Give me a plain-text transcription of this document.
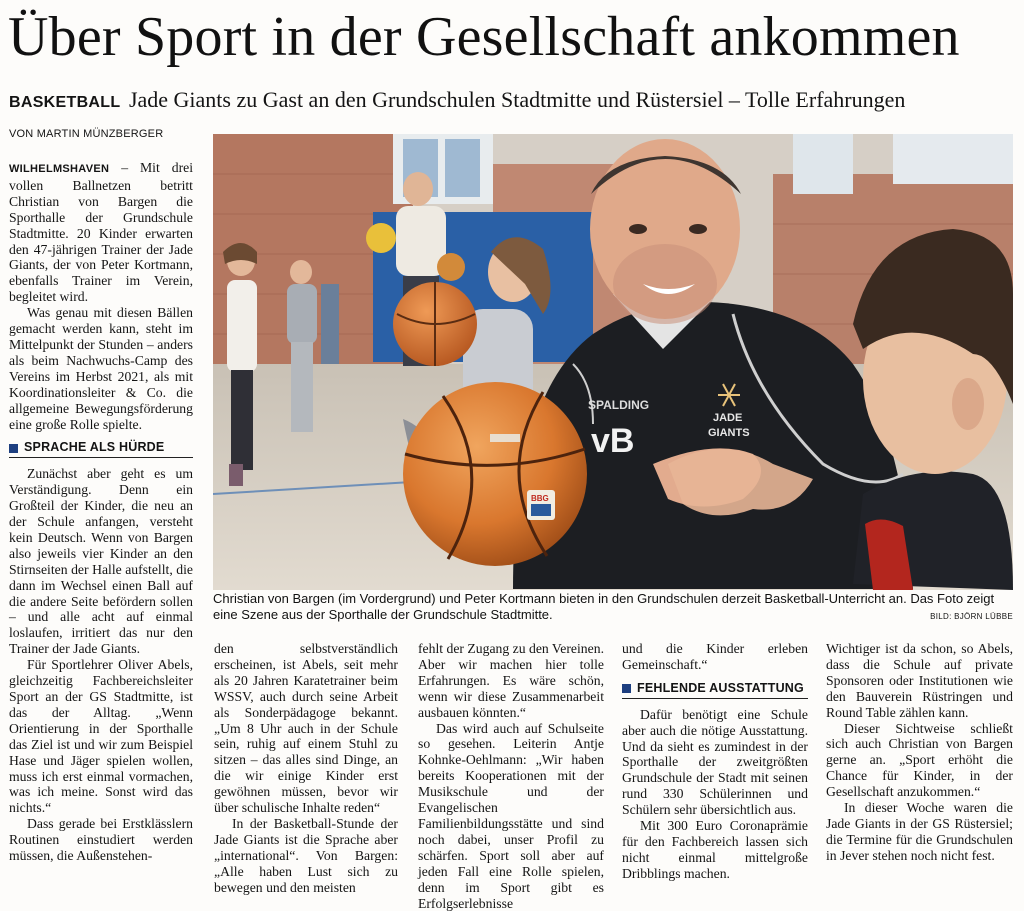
Über Sport in der Gesellschaft ankommen
BASKETBALL Jade Giants zu Gast an den Grundschulen Stadtmitte und Rüstersiel – Tolle Erfahrungen
VON MARTIN MÜNZBERGER

WILHELMSHAVEN – Mit drei vollen Ballnetzen betritt Christian von Bargen die Sporthalle der Grundschule Stadtmitte. 20 Kinder erwarten den 47-jährigen Trainer der Jade Giants, der von Peter Kortmann, ebenfalls Trainer im Verein, begleitet wird.

Was genau mit diesen Bällen gemacht werden kann, steht im Mittelpunkt der Stunden – anders als beim Nachwuchs-Camp des Vereins im Herbst 2021, als mit Koordinationsleiter & Co. die allgemeine Bewegungsförderung eine große Rolle spielte.

SPRACHE ALS HÜRDE

Zunächst aber geht es um Verständigung. Denn ein Großteil der Kinder, die neu an der Schule anfangen, versteht kein Deutsch. Wenn von Bargen also jeweils vier Kinder an den Stirnseiten der Halle aufstellt, die dann im Wechsel einen Ball auf die andere Seite befördern sollen – und alle acht auf einmal loslaufen, irritiert das nur den Trainer der Jade Giants.

Für Sportlehrer Oliver Abels, gleichzeitig Fachbereichsleiter Sport an der GS Stadtmitte, ist das der Alltag. „Wenn Orientierung in der Sporthalle das Ziel ist und wir zum Beispiel Hase und Jäger spielen wollen, muss ich erst einmal vormachen, was ich meine. Sonst wird das nichts.“

Dass gerade bei Erstklässlern Routinen einstudiert werden müssen, die Außenstehen-

SPALDING
vB
JADE
GIANTS
BBG
Christian von Bargen (im Vordergrund) und Peter Kortmann bieten in den Grundschulen derzeit Basketball-Unterricht an. Das Foto zeigt eine Szene aus der Sporthalle der Grundschule Stadtmitte.	BILD: BJÖRN LÜBBE

den selbstverständlich erscheinen, ist Abels, seit mehr als 20 Jahren Karatetrainer beim WSSV, auch durch seine Arbeit als Sonderpädagoge bekannt. „Um 8 Uhr auch in der Schule sein, ruhig auf einem Stuhl zu sitzen – das alles sind Dinge, an die wir einige Kinder erst gewöhnen müssen, bevor wir über schulische Inhalte reden“

In der Basketball-Stunde der Jade Giants ist die Sprache aber „international“. Von Bargen: „Alle haben Lust sich zu bewegen und den meisten

fehlt der Zugang zu den Vereinen. Aber wir machen hier tolle Erfahrungen. Es wäre schön, wenn wir diese Zusammenarbeit ausbauen könnten.“

Das wird auch auf Schulseite so gesehen. Leiterin Antje Kohnke-Oehlmann: „Wir haben bereits Kooperationen mit der Musikschule und der Evangelischen Familienbildungsstätte und sind noch dabei, unser Profil zu schärfen. Sport soll aber auf jeden Fall eine Rolle spielen, denn im Sport gibt es Erfolgserlebnisse

und die Kinder erleben Gemeinschaft.“

FEHLENDE AUSSTATTUNG

Dafür benötigt eine Schule aber auch die nötige Ausstattung. Und da sieht es zumindest in der Sporthalle der zweitgrößten Grundschule der Stadt mit seinen rund 330 Schülerinnen und Schülern sehr übersichtlich aus.

Mit 300 Euro Coronaprämie für den Fachbereich lassen sich nicht einmal mittelgroße Dribblings machen.

Wichtiger ist da schon, so Abels, dass die Schule auf private Sponsoren oder Institutionen wie den Bauverein Rüstringen und Round Table zählen kann.

Dieser Sichtweise schließt sich auch Christian von Bargen gerne an. „Sport erhöht die Chance für Kinder, in der Gesellschaft anzukommen.“

In dieser Woche waren die Jade Giants in der GS Rüstersiel; die Termine für die Grundschulen in Jever stehen noch nicht fest.
